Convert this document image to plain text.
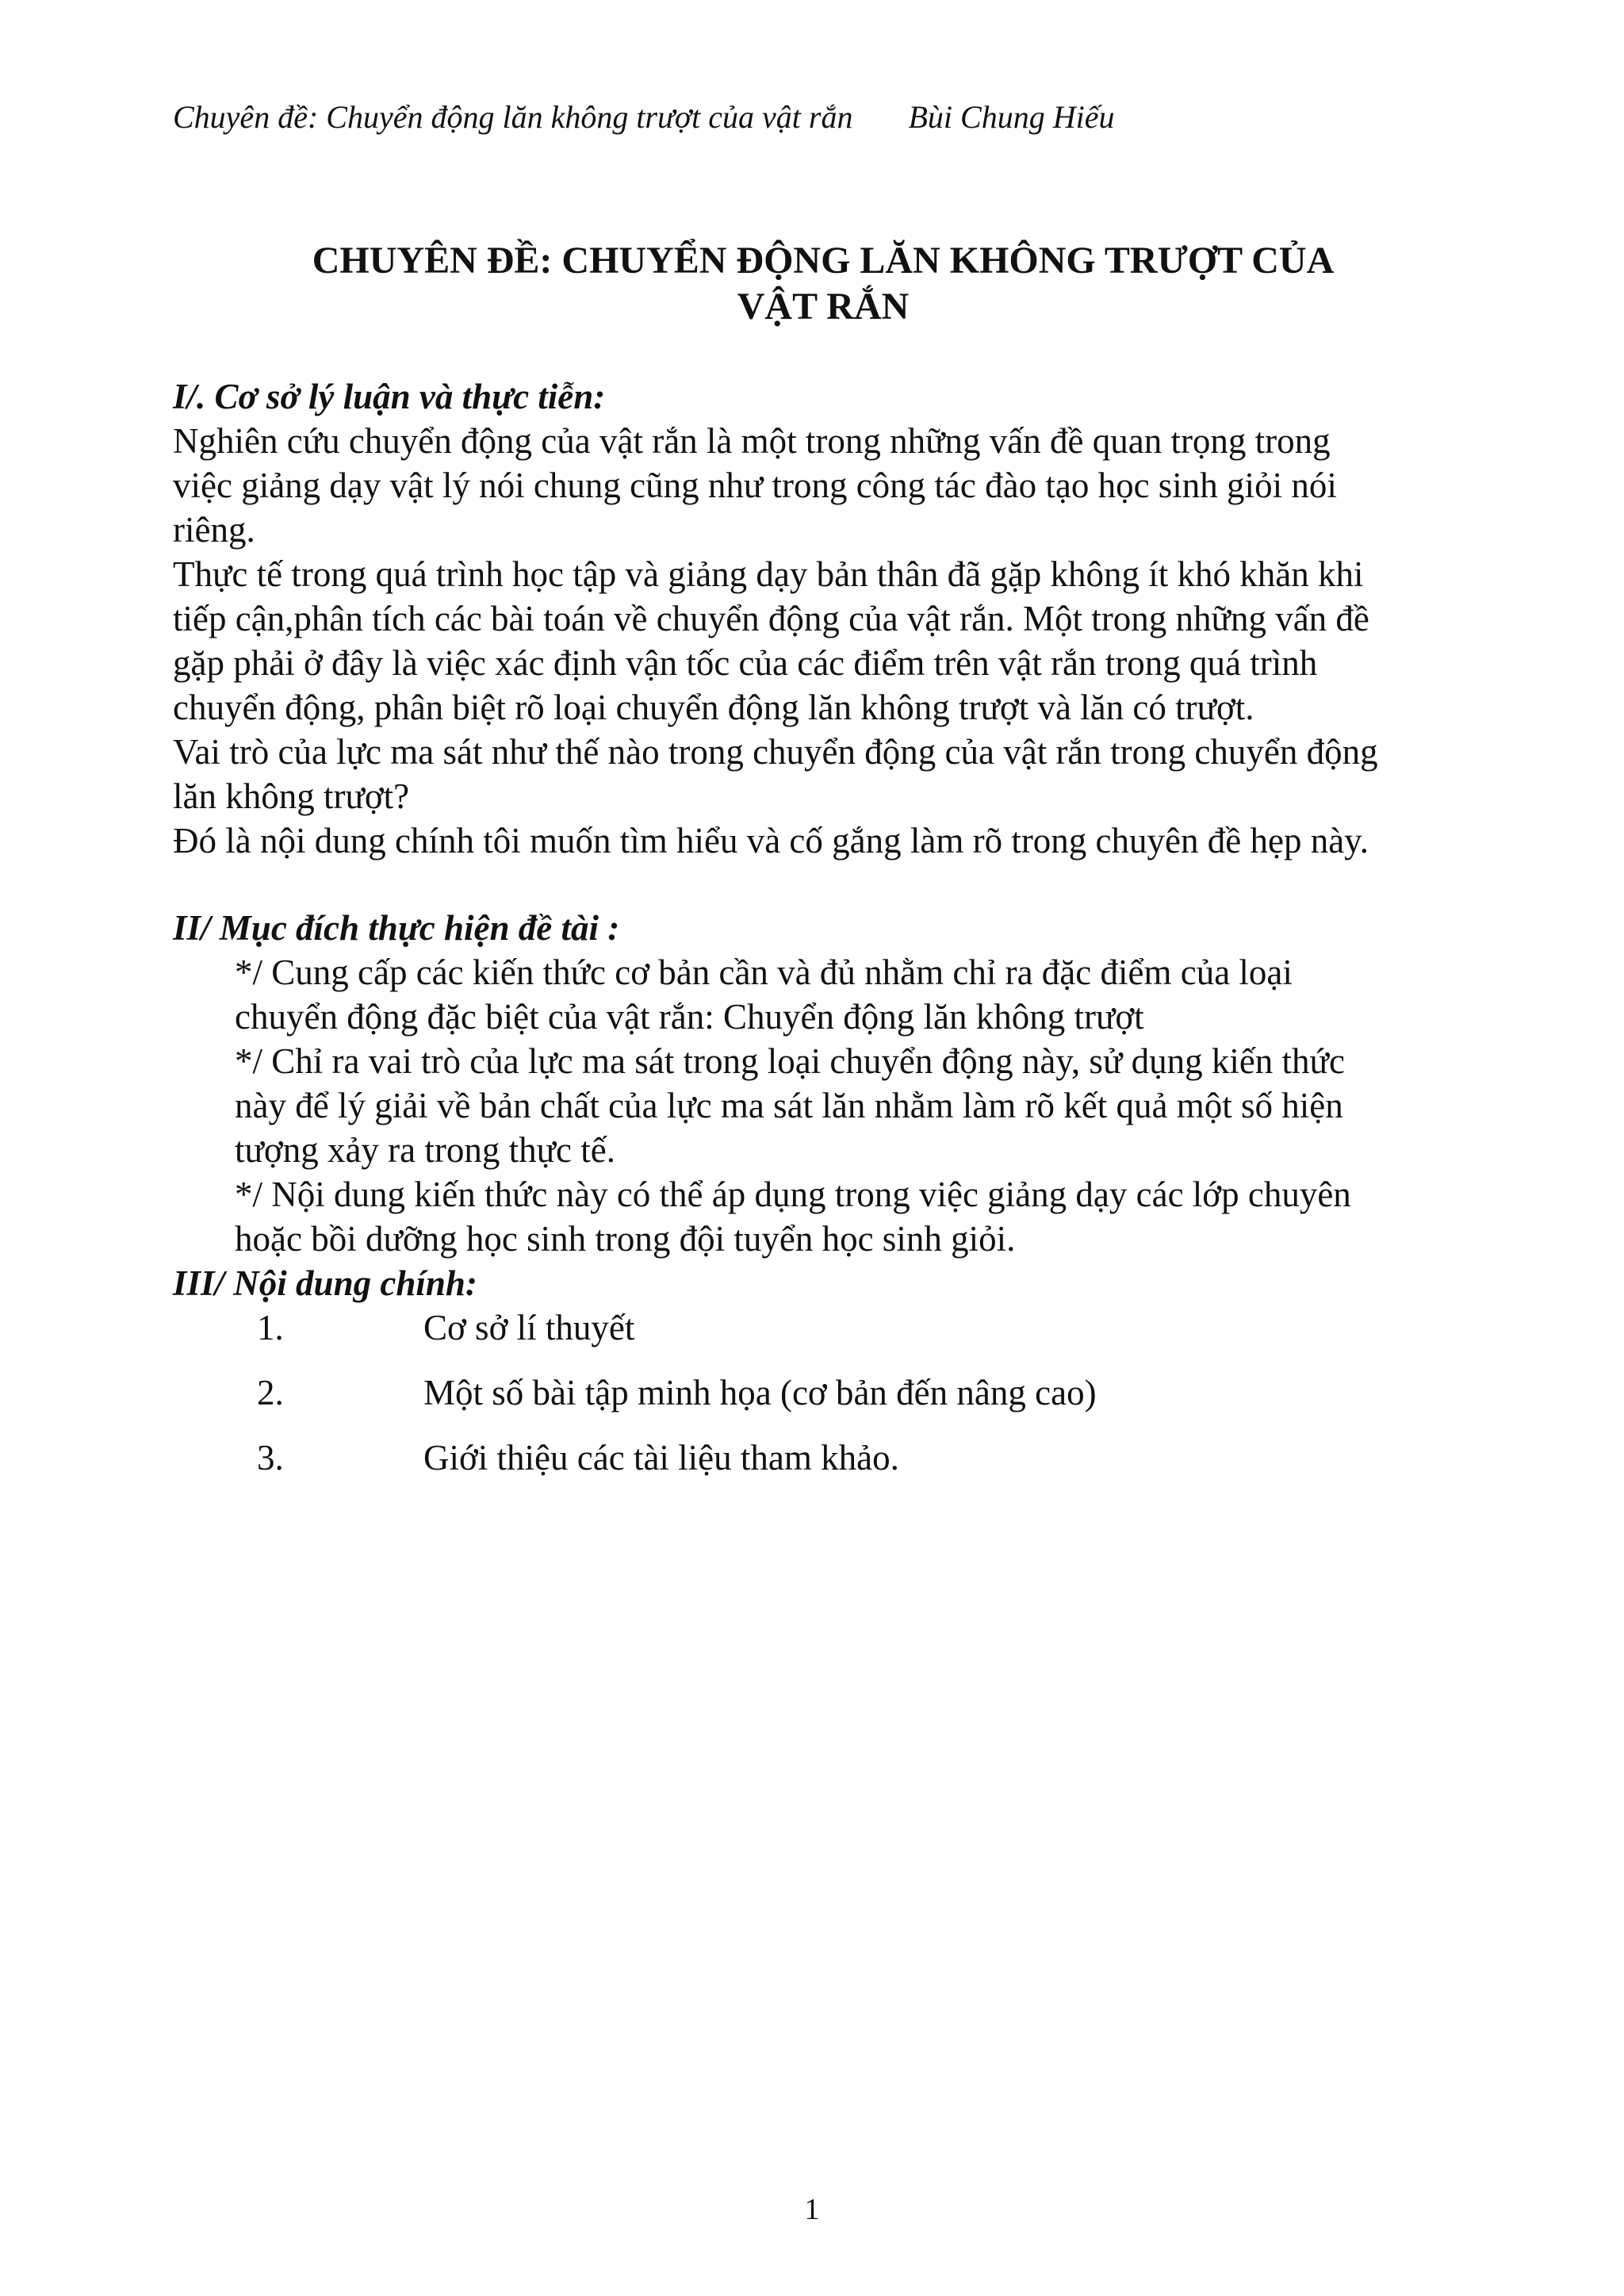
Chuyên đề: Chuyển động lăn không trượt của vật rắn Bùi Chung Hiếu
CHUYÊN ĐỀ: CHUYỂN ĐỘNG LĂN KHÔNG TRƯỢT CỦA
VẬT RẮN
I/. Cơ sở lý luận và thực tiễn:

Nghiên cứu chuyển động của vật rắn là một trong những vấn đề quan trọng trong
việc giảng dạy vật lý nói chung cũng như trong công tác đào tạo học sinh giỏi nói
riêng.

Thực tế trong quá trình học tập và giảng dạy bản thân đã gặp không ít khó khăn khi
tiếp cận,phân tích các bài toán về chuyển động của vật rắn. Một trong những vấn đề
gặp phải ở đây là việc xác định vận tốc của các điểm trên vật rắn trong quá trình
chuyển động, phân biệt rõ loại chuyển động lăn không trượt và lăn có trượt.

Vai trò của lực ma sát như thế nào trong chuyển động của vật rắn trong chuyển động
lăn không trượt?

Đó là nội dung chính tôi muốn tìm hiểu và cố gắng làm rõ trong chuyên đề hẹp này.

II/ Mục đích thực hiện đề tài :

*/ Cung cấp các kiến thức cơ bản cần và đủ nhằm chỉ ra đặc điểm của loại
chuyển động đặc biệt của vật rắn: Chuyển động lăn không trượt

*/ Chỉ ra vai trò của lực ma sát trong loại chuyển động này, sử dụng kiến thức
này để lý giải về bản chất của lực ma sát lăn nhằm làm rõ kết quả một số hiện
tượng xảy ra trong thực tế.

*/ Nội dung kiến thức này có thể áp dụng trong việc giảng dạy các lớp chuyên
hoặc bồi dưỡng học sinh trong đội tuyển học sinh giỏi.

III/ Nội dung chính:
1.	Cơ sở lí thuyết
2.	Một số bài tập minh họa (cơ bản đến nâng cao)
3.	Giới thiệu các tài liệu tham khảo.
1
